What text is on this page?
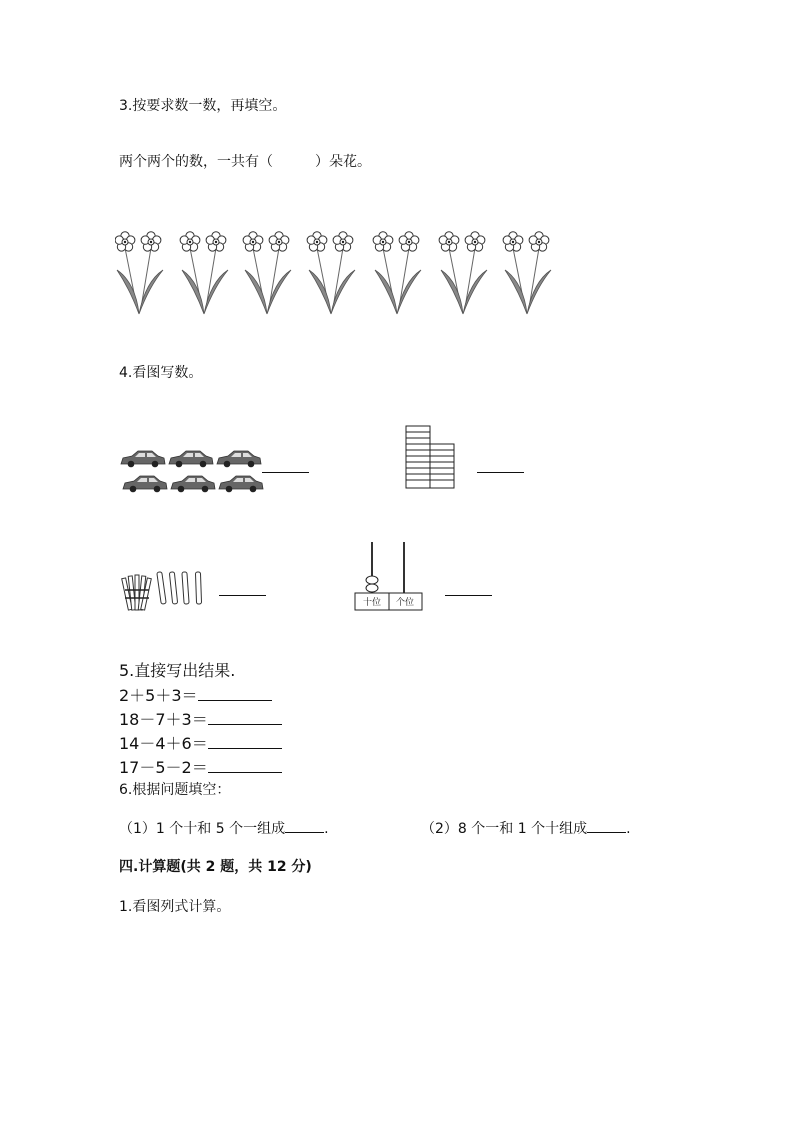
3.按要求数一数，再填空。
两个两个的数，一共有（　　　）朵花。
4.看图写数。
十位 个位
5.直接写出结果.
2＋5＋3＝
18－7＋3＝
14－4＋6＝
17－5－2＝
6.根据问题填空：
（1）1 个十和 5 个一组成	.	（2）8 个一和 1 个十组成	.
四.计算题(共 2 题，共 12 分)
1.看图列式计算。
